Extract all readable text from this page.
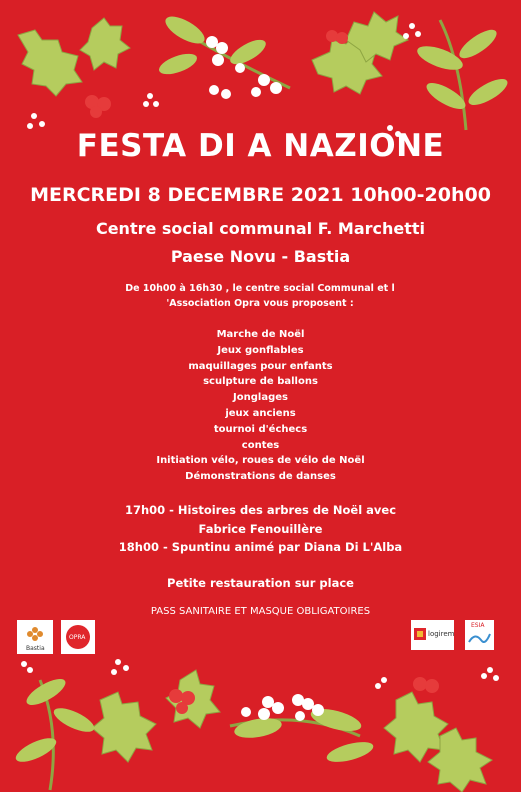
FESTA DI A NAZIONE
MERCREDI 8 DECEMBRE 2021 10h00-20h00
Centre social communal F. Marchetti
Paese Novu - Bastia
De 10h00 à 16h30 , le centre social Communal et l
'Association Opra vous proposent :
Marche de Noël
Jeux gonflables
maquillages pour enfants
sculpture de ballons
Jonglages
jeux anciens
tournoi d'échecs
contes
Initiation vélo, roues de vélo de Noël
Démonstrations de danses
17h00 - Histoires des arbres de Noël avec
Fabrice Fenouillère
18h00 - Spuntinu animé par Diana Di L'Alba
Petite restauration sur place
PASS SANITAIRE ET MASQUE OBLIGATOIRES
Bastia
OPRA	logirem
ESIA
